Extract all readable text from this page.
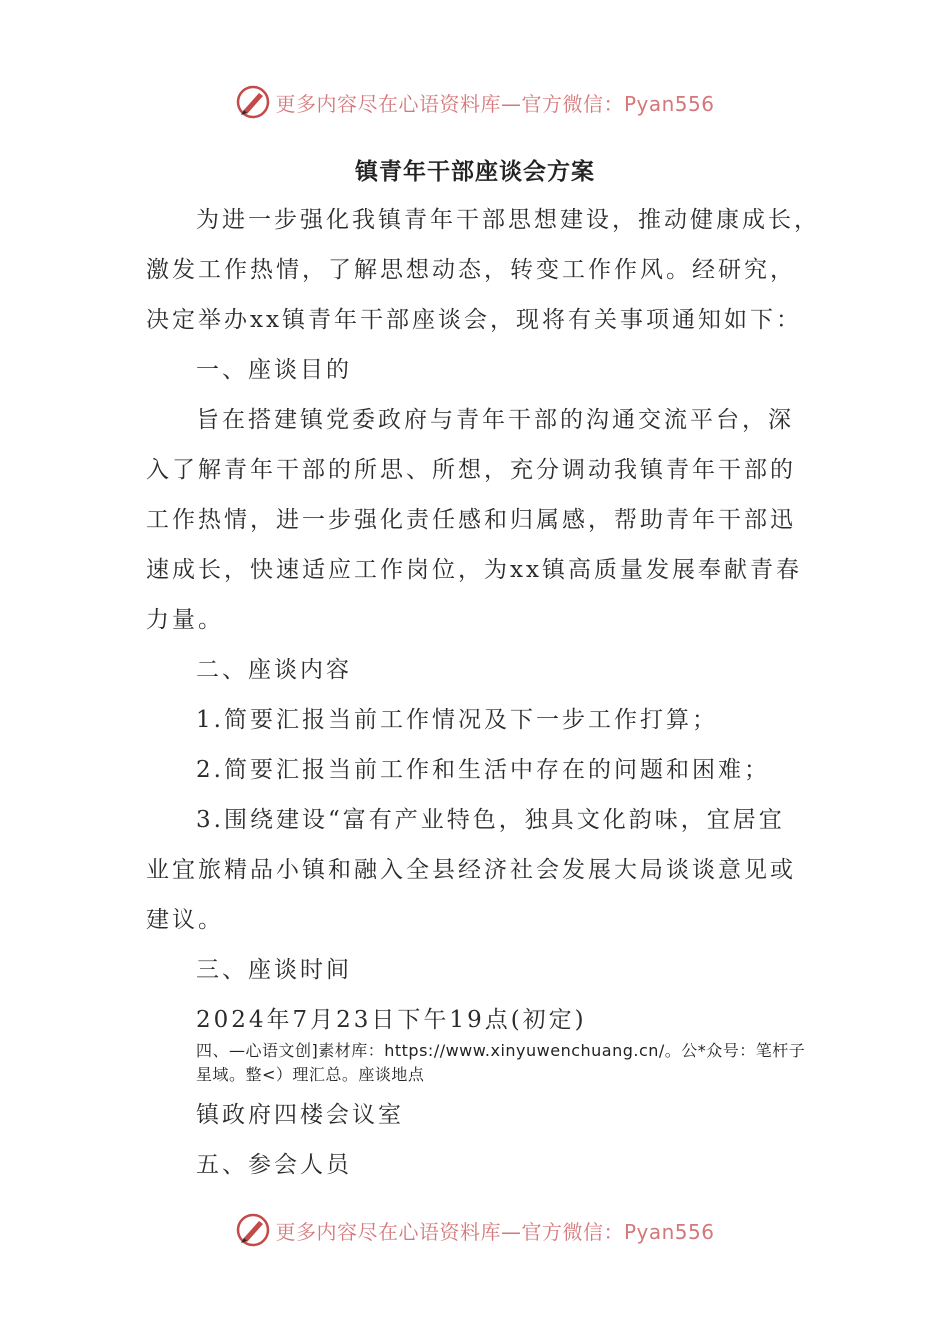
更多内容尽在心语资料库—官方微信：Pyan556
镇青年干部座谈会方案
为进一步强化我镇青年干部思想建设，推动健康成长，
激发工作热情，了解思想动态，转变工作作风。经研究，
决定举办xx镇青年干部座谈会，现将有关事项通知如下：
一、座谈目的
旨在搭建镇党委政府与青年干部的沟通交流平台，深
入了解青年干部的所思、所想，充分调动我镇青年干部的
工作热情，进一步强化责任感和归属感，帮助青年干部迅
速成长，快速适应工作岗位，为xx镇高质量发展奉献青春
力量。
二、座谈内容
1.简要汇报当前工作情况及下一步工作打算；
2.简要汇报当前工作和生活中存在的问题和困难；
3.围绕建设“富有产业特色，独具文化韵味，宜居宜
业宜旅精品小镇和融入全县经济社会发展大局谈谈意见或
建议。
三、座谈时间
2024年7月23日下午19点(初定)
四、—心语文创]素材库：https://www.xinyuwenchuang.cn/。公*众号：笔杆子星域。整<）理汇总。座谈地点
镇政府四楼会议室
五、参会人员
更多内容尽在心语资料库—官方微信：Pyan556
